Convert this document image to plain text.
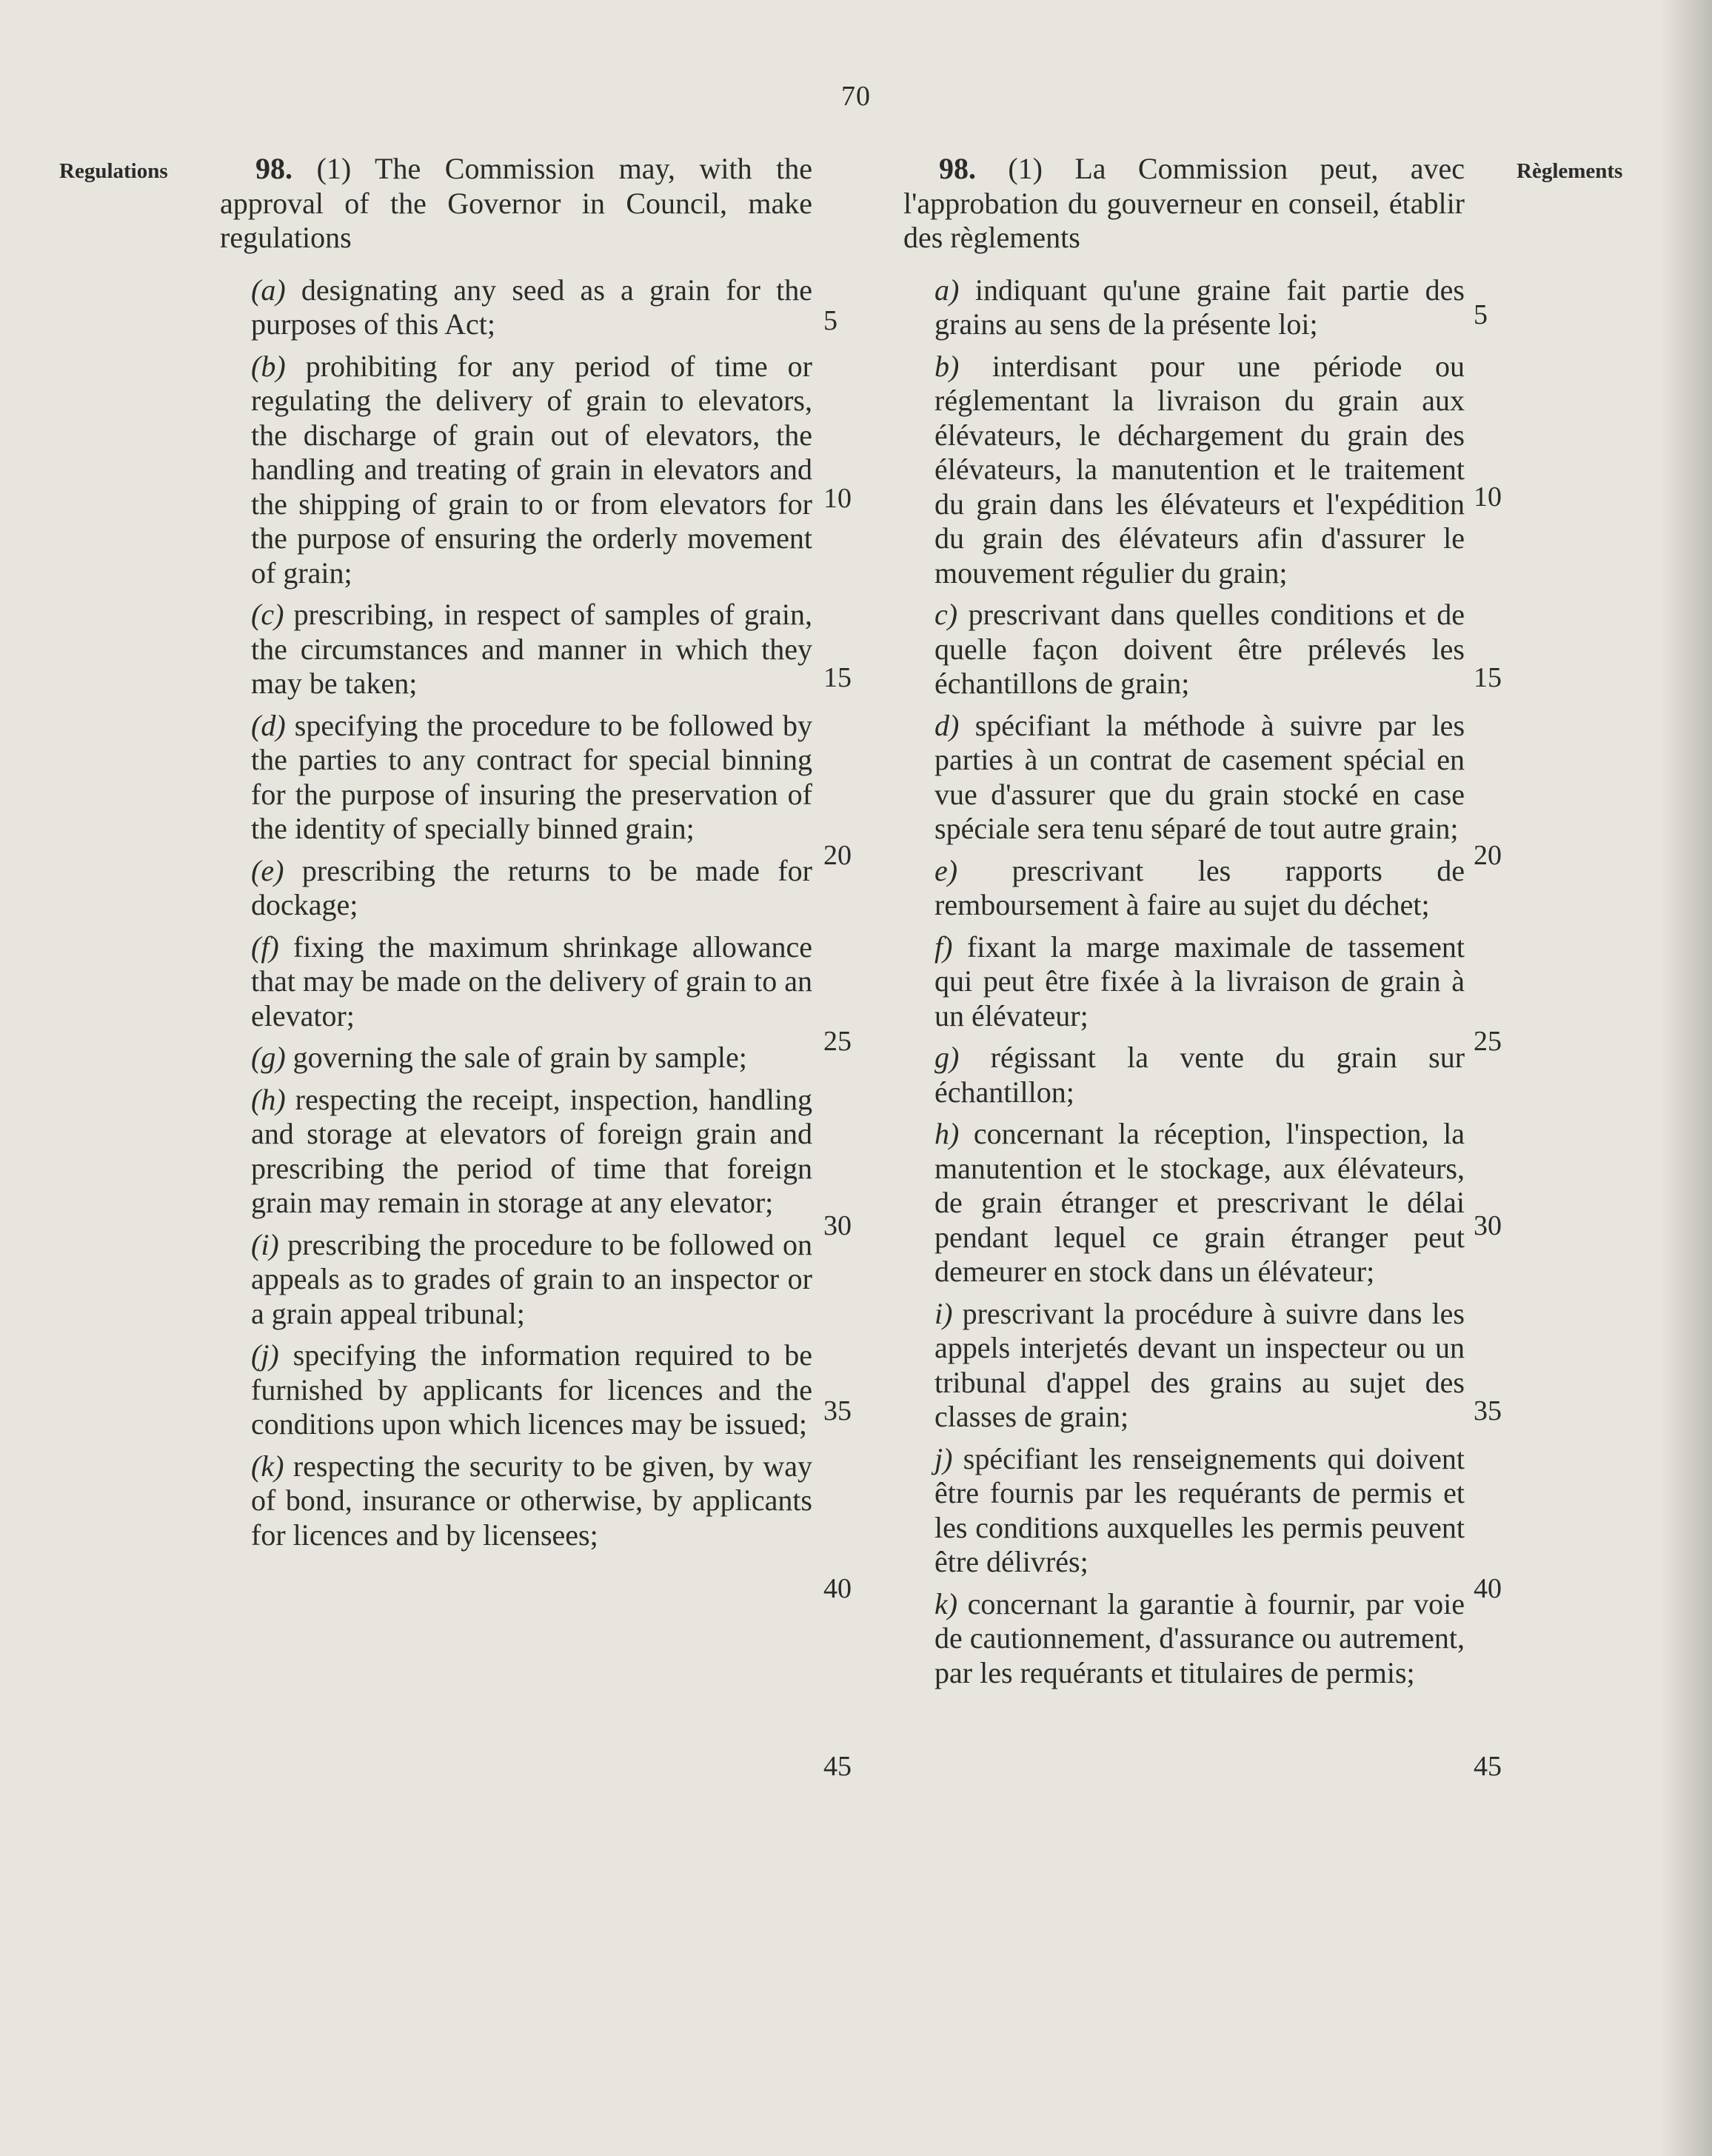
70
Regulations	Règlements

98. (1) The Commission may, with the approval of the Governor in Council, make regulations

(a) designating any seed as a grain for the purposes of this Act;

(b) prohibiting for any period of time or regulating the delivery of grain to elevators, the discharge of grain out of elevators, the handling and treating of grain in elevators and the shipping of grain to or from elevators for the purpose of ensuring the orderly movement of grain;

(c) prescribing, in respect of samples of grain, the circumstances and manner in which they may be taken;

(d) specifying the procedure to be followed by the parties to any contract for special binning for the purpose of insuring the preservation of the identity of specially binned grain;

(e) prescribing the returns to be made for dockage;

(f) fixing the maximum shrinkage allowance that may be made on the delivery of grain to an elevator;

(g) governing the sale of grain by sample;

(h) respecting the receipt, inspection, handling and storage at elevators of foreign grain and prescribing the period of time that foreign grain may remain in storage at any elevator;

(i) prescribing the procedure to be followed on appeals as to grades of grain to an inspector or a grain appeal tribunal;

(j) specifying the information required to be furnished by applicants for licences and the conditions upon which licences may be issued;

(k) respecting the security to be given, by way of bond, insurance or otherwise, by applicants for licences and by licensees;

98. (1) La Commission peut, avec l'approbation du gouverneur en conseil, établir des règlements

a) indiquant qu'une graine fait partie des grains au sens de la présente loi;

b) interdisant pour une période ou réglementant la livraison du grain aux élévateurs, le déchargement du grain des élévateurs, la manutention et le traitement du grain dans les élévateurs et l'expédition du grain des élévateurs afin d'assurer le mouvement régulier du grain;

c) prescrivant dans quelles conditions et de quelle façon doivent être prélevés les échantillons de grain;

d) spécifiant la méthode à suivre par les parties à un contrat de casement spécial en vue d'assurer que du grain stocké en case spéciale sera tenu séparé de tout autre grain;

e) prescrivant les rapports de remboursement à faire au sujet du déchet;

f) fixant la marge maximale de tassement qui peut être fixée à la livraison de grain à un élévateur;

g) régissant la vente du grain sur échantillon;

h) concernant la réception, l'inspection, la manutention et le stockage, aux élévateurs, de grain étranger et prescrivant le délai pendant lequel ce grain étranger peut demeurer en stock dans un élévateur;

i) prescrivant la procédure à suivre dans les appels interjetés devant un inspecteur ou un tribunal d'appel des grains au sujet des classes de grain;

j) spécifiant les renseignements qui doivent être fournis par les requérants de permis et les conditions auxquelles les permis peuvent être délivrés;

k) concernant la garantie à fournir, par voie de cautionnement, d'assurance ou autrement, par les requérants et titulaires de permis;

5
10
15
20
25
30
35
40
45
5
10
15
20
25
30
35
40
45
